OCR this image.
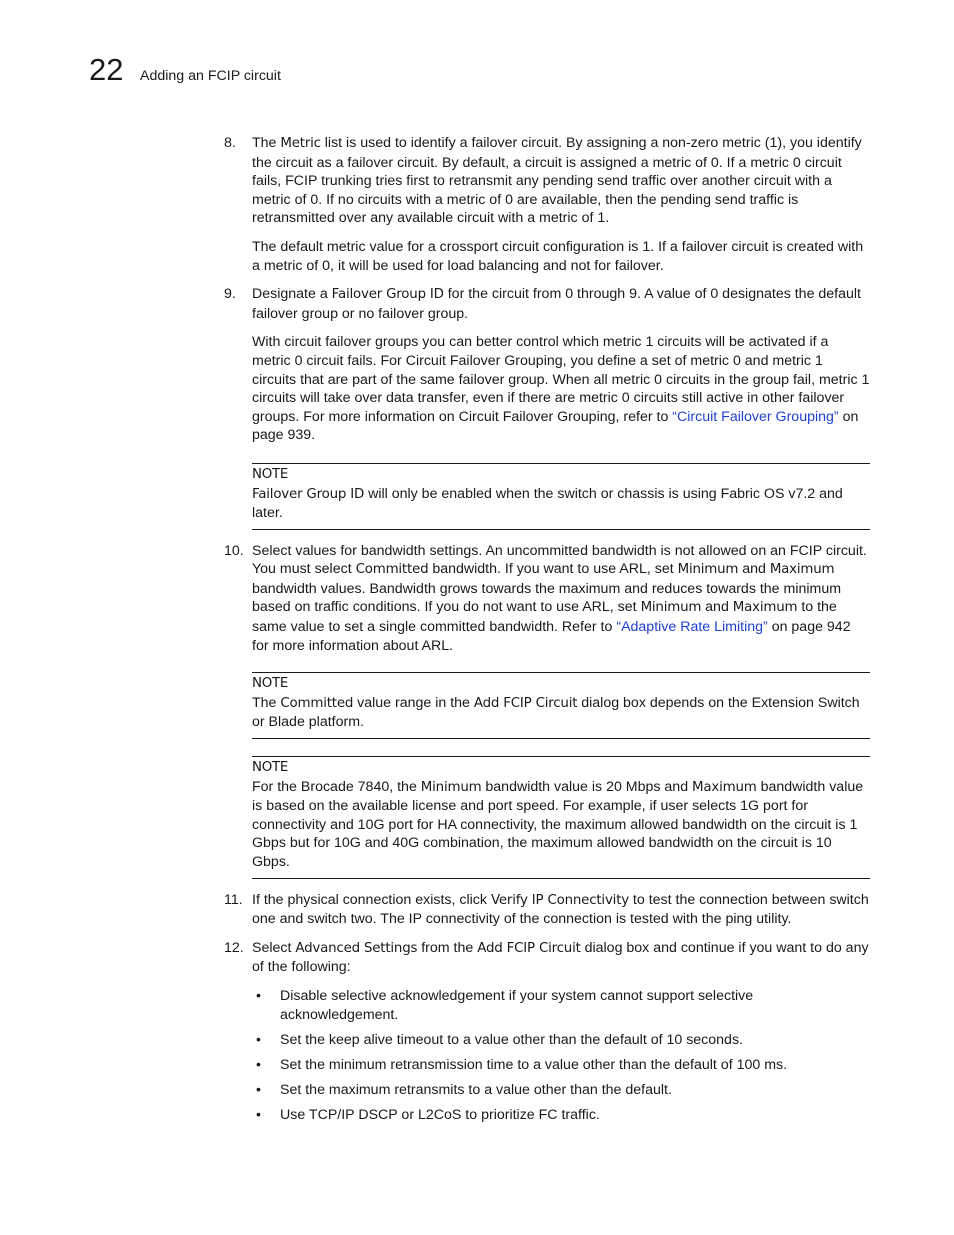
22	Adding an FCIP circuit
8.	The Metric list is used to identify a failover circuit. By assigning a non-zero metric (1), you identify the circuit as a failover circuit. By default, a circuit is assigned a metric of 0. If a metric 0 circuit fails, FCIP trunking tries first to retransmit any pending send traffic over another circuit with a metric of 0. If no circuits with a metric of 0 are available, then the pending send traffic is retransmitted over any available circuit with a metric of 1.

The default metric value for a crossport circuit configuration is 1. If a failover circuit is created with a metric of 0, it will be used for load balancing and not for failover.

9.	Designate a Failover Group ID for the circuit from 0 through 9. A value of 0 designates the default failover group or no failover group.

With circuit failover groups you can better control which metric 1 circuits will be activated if a metric 0 circuit fails. For Circuit Failover Grouping, you define a set of metric 0 and metric 1 circuits that are part of the same failover group. When all metric 0 circuits in the group fail, metric 1 circuits will take over data transfer, even if there are metric 0 circuits still active in other failover groups. For more information on Circuit Failover Grouping, refer to “Circuit Failover Grouping” on page 939.

NOTE
Failover Group ID will only be enabled when the switch or chassis is using Fabric OS v7.2 and later.
10. Select values for bandwidth settings. An uncommitted bandwidth is not allowed on an FCIP circuit. You must select Committed bandwidth. If you want to use ARL, set Minimum and Maximum bandwidth values. Bandwidth grows towards the maximum and reduces towards the minimum based on traffic conditions. If you do not want to use ARL, set Minimum and Maximum to the same value to set a single committed bandwidth. Refer to “Adaptive Rate Limiting” on page 942 for more information about ARL.

NOTE
The Committed value range in the Add FCIP Circuit dialog box depends on the Extension Switch or Blade platform.
NOTE
For the Brocade 7840, the Minimum bandwidth value is 20 Mbps and Maximum bandwidth value is based on the available license and port speed. For example, if user selects 1G port for connectivity and 10G port for HA connectivity, the maximum allowed bandwidth on the circuit is 1 Gbps but for 10G and 40G combination, the maximum allowed bandwidth on the circuit is 10 Gbps.
11. If the physical connection exists, click Verify IP Connectivity to test the connection between switch one and switch two. The IP connectivity of the connection is tested with the ping utility.

12. Select Advanced Settings from the Add FCIP Circuit dialog box and continue if you want to do any of the following:

• Disable selective acknowledgement if your system cannot support selective acknowledgement.
• Set the keep alive timeout to a value other than the default of 10 seconds.
• Set the minimum retransmission time to a value other than the default of 100 ms.
• Set the maximum retransmits to a value other than the default.
• Use TCP/IP DSCP or L2CoS to prioritize FC traffic.
